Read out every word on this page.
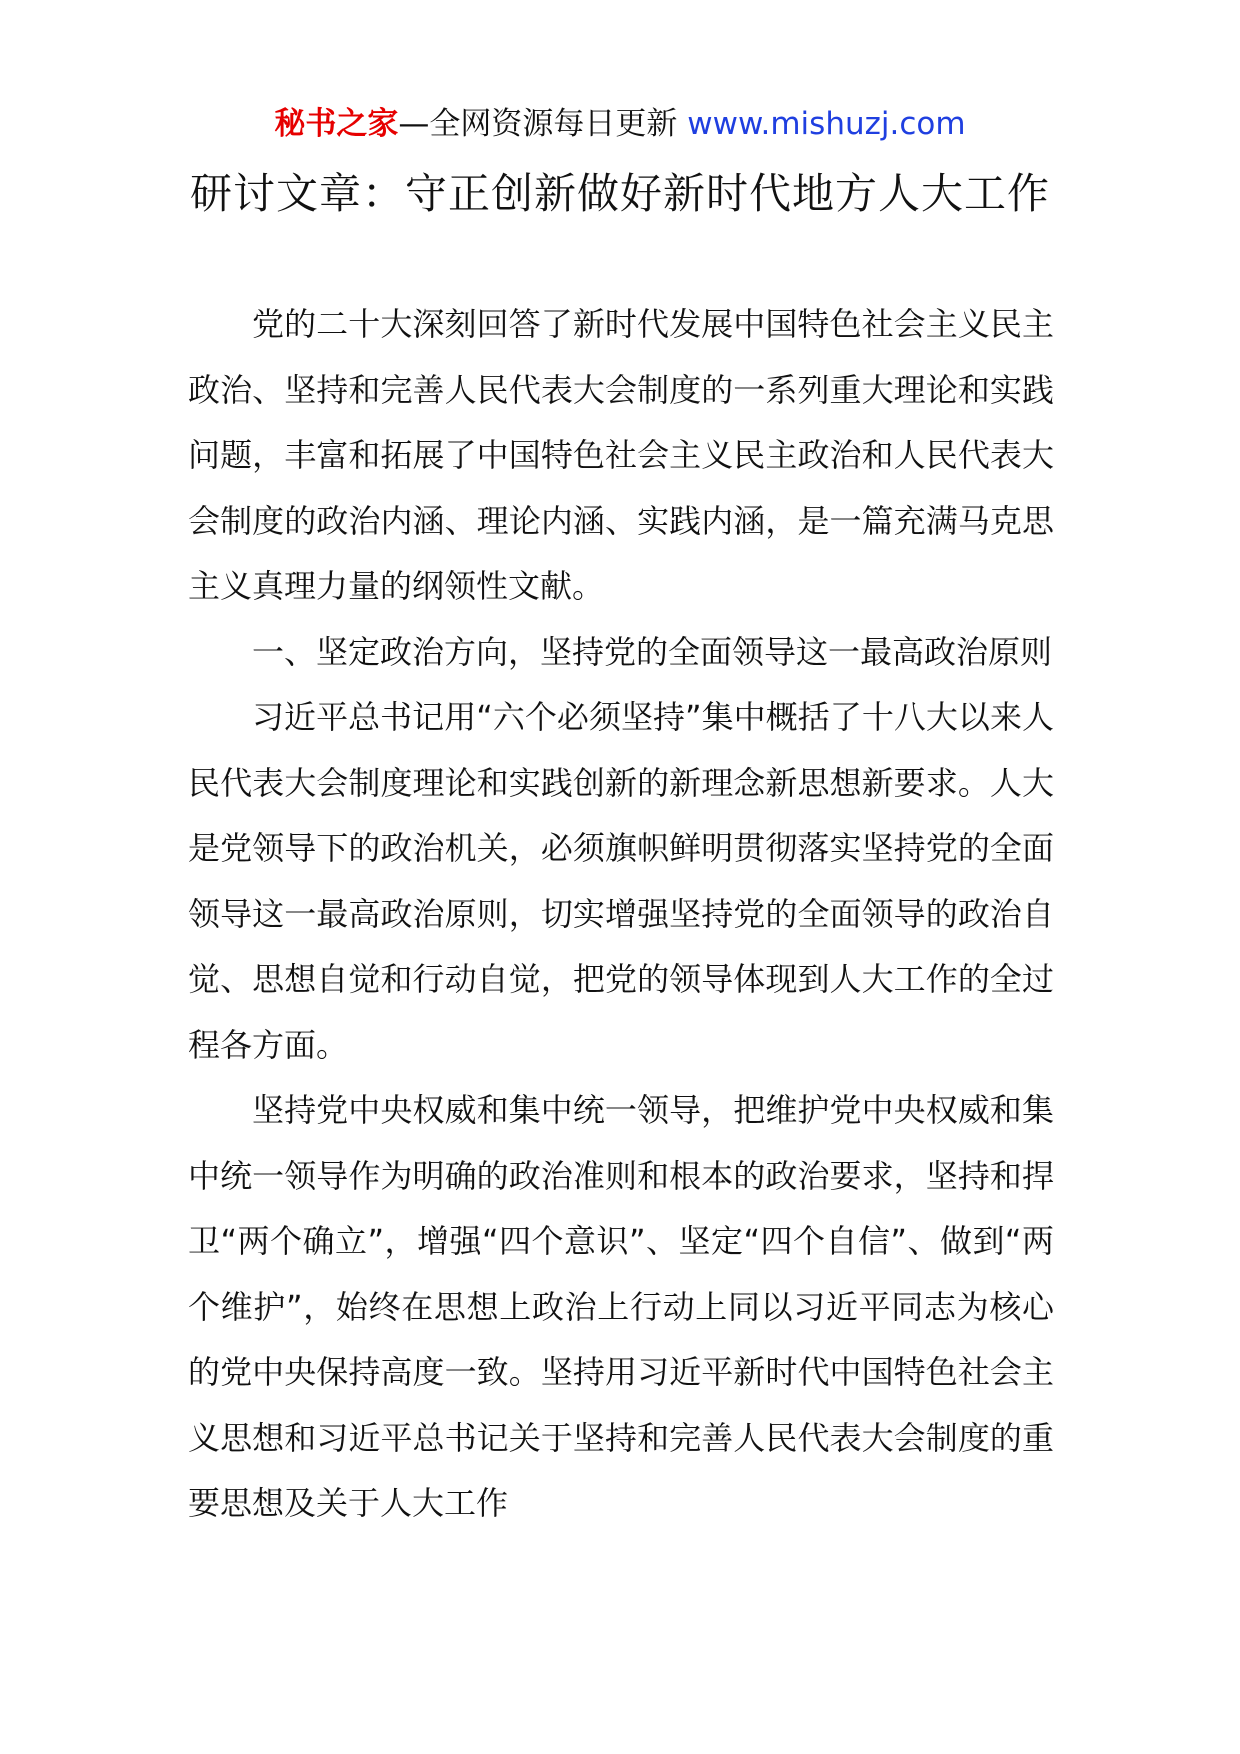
秘书之家—全网资源每日更新 www.mishuzj.com
研讨文章：守正创新做好新时代地方人大工作

党的二十大深刻回答了新时代发展中国特色社会主义民主政治、坚持和完善人民代表大会制度的一系列重大理论和实践问题，丰富和拓展了中国特色社会主义民主政治和人民代表大会制度的政治内涵、理论内涵、实践内涵，是一篇充满马克思主义真理力量的纲领性文献。

一、坚定政治方向，坚持党的全面领导这一最高政治原则

习近平总书记用“六个必须坚持”集中概括了十八大以来人民代表大会制度理论和实践创新的新理念新思想新要求。人大是党领导下的政治机关，必须旗帜鲜明贯彻落实坚持党的全面领导这一最高政治原则，切实增强坚持党的全面领导的政治自觉、思想自觉和行动自觉，把党的领导体现到人大工作的全过程各方面。

坚持党中央权威和集中统一领导，把维护党中央权威和集中统一领导作为明确的政治准则和根本的政治要求，坚持和捍卫“两个确立”，增强“四个意识”、坚定“四个自信”、做到“两个维护”，始终在思想上政治上行动上同以习近平同志为核心的党中央保持高度一致。坚持用习近平新时代中国特色社会主义思想和习近平总书记关于坚持和完善人民代表大会制度的重要思想及关于人大工作
